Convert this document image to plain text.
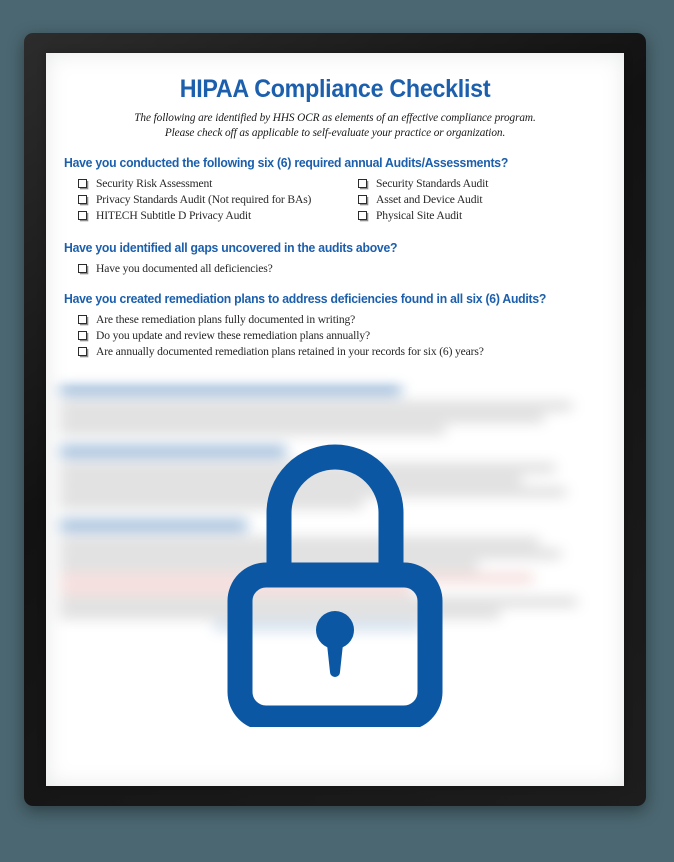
HIPAA Compliance Checklist
The following are identified by HHS OCR as elements of an effective compliance program.
Please check off as applicable to self-evaluate your practice or organization.
Have you conducted the following six (6) required annual Audits/Assessments?
Security Risk Assessment
Privacy Standards Audit (Not required for BAs)
HITECH Subtitle D Privacy Audit
Security Standards Audit
Asset and Device Audit
Physical Site Audit
Have you identified all gaps uncovered in the audits above?
Have you documented all deficiencies?
Have you created remediation plans to address deficiencies found in all six (6) Audits?
Are these remediation plans fully documented in writing?
Do you update and review these remediation plans annually?
Are annually documented remediation plans retained in your records for six (6) years?
